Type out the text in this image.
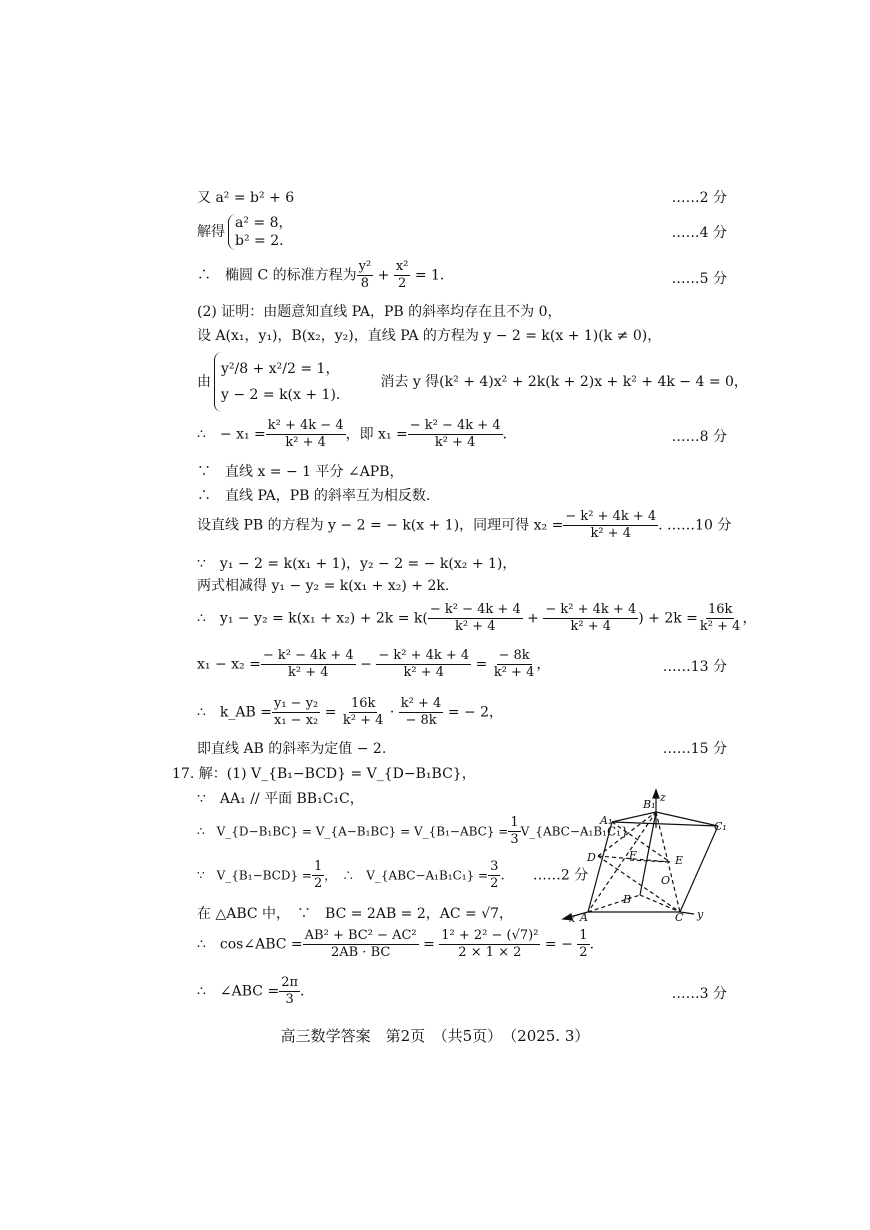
又 a² = b² + 6	……2 分
解得
a² = 8，
b² = 2.	……4 分
∴　椭圆 C 的标准方程为 $\frac{\text{y²}}{8} + \frac{\text{x²}}{2} = 1$.	……5 分
(2) 证明：由题意知直线 PA，PB 的斜率均存在且不为 0，
设 A(x₁，y₁)，B(x₂，y₂)，直线 PA 的方程为 y − 2 = k(x + 1)(k ≠ 0)，
由
y²/8 + x²/2 = 1，
y − 2 = k(x + 1).
消去 y 得(k² + 4)x² + 2k(k + 2)x + k² + 4k − 4 = 0，
∴　− $x_1 = \frac{\text{k² + 4k − 4}}{\text{k² + 4}}$ ，即 $x_1 = \frac{\text{− k² − 4k + 4}}{\text{k² + 4}}$ .	……8 分
∵　直线 x = − 1 平分 ∠APB，
∴　直线 PA，PB 的斜率互为相反数.
设直线 PB 的方程为 y − 2 = − k(x + 1)，同理可得 $x_2 = \frac{\text{− k² + 4k + 4}}{\text{k² + 4}}$ . ……10 分
∵　y₁ − 2 = k(x₁ + 1)，y₂ − 2 = − k(x₂ + 1)，
两式相减得 y₁ − y₂ = k(x₁ + x₂) + 2k.
∴　$y_1 - y_2 = k(x_1 + x_2) + 2k = k( \frac{\text{− k² − 4k + 4}}{\text{k² + 4}} + \frac{\text{− k² + 4k + 4}}{\text{k² + 4}}$ ) + $2k = \frac{16k}{\text{k² + 4}}$ ，
$x_1 - x_2 = \frac{\text{− k² − 4k + 4}}{\text{k² + 4}} - \frac{\text{− k² + 4k + 4}}{\text{k² + 4}} = \frac{- 8k}{\text{k² + 4}}$ ，	……13 分
∴　k_AB = $\frac{\text{y₁ − y₂}}{\text{x₁ − x₂}} = \frac{16k}{\text{k² + 4}} \cdot \frac{\text{k² + 4}}{- 8k}$ = − 2，
即直线 AB 的斜率为定值 − 2.	……15 分
17. 解：(1) V_{B₁−BCD} = V_{D−B₁BC}，
∵　AA₁ // 平面 BB₁C₁C，
∴　V_{D−B₁BC} = V_{A−B₁BC} = V_{B₁−ABC} = $\frac{1}{3}$ V_{ABC−A₁B₁C₁}.
∵　V_{B₁−BCD} = $\frac{1}{2}$ ，　∴　V_{ABC−A₁B₁C₁} = $\frac{3}{2}$ .　　……2 分
在 △ABC 中，　∵　BC = 2AB = 2，AC = √7，
∴　cos∠ABC = $\frac{\text{AB² + BC² − AC²}}{2AB \cdot BC} = \frac{\text{1² + 2² − (√7)²}}{2 \times 1 \times 2}$ = − $\frac{1}{2}$ .
∴　∠ABC = $\frac{2\pi}{3}$ .	……3 分
B₁
z
A₁	C₁
D	F	E
O
B
A	C
x	y
高三数学答案　第2页　（共5页）　（2025. 3）
